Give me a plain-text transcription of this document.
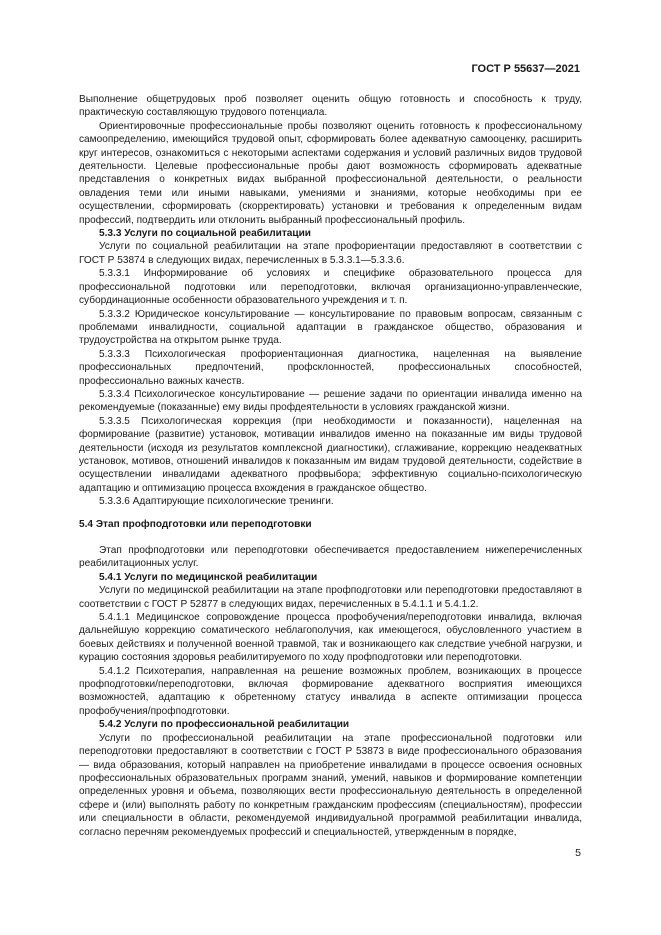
ГОСТ Р 55637—2021

Выполнение общетрудовых проб позволяет оценить общую готовность и способность к труду, практическую составляющую трудового потенциала.

Ориентировочные профессиональные пробы позволяют оценить готовность к профессиональному самоопределению, имеющийся трудовой опыт, сформировать более адекватную самооценку, расширить круг интересов, ознакомиться с некоторыми аспектами содержания и условий различных видов трудовой деятельности. Целевые профессиональные пробы дают возможность сформировать адекватные представления о конкретных видах выбранной профессиональной деятельности, о реальности овладения теми или иными навыками, умениями и знаниями, которые необходимы при ее осуществлении, сформировать (скорректировать) установки и требования к определенным видам профессий, подтвердить или отклонить выбранный профессиональный профиль.

5.3.3 Услуги по социальной реабилитации

Услуги по социальной реабилитации на этапе профориентации предоставляют в соответствии с ГОСТ Р 53874 в следующих видах, перечисленных в 5.3.3.1—5.3.3.6.

5.3.3.1 Информирование об условиях и специфике образовательного процесса для профессиональной подготовки или переподготовки, включая организационно-управленческие, субординационные особенности образовательного учреждения и т. п.

5.3.3.2 Юридическое консультирование — консультирование по правовым вопросам, связанным с проблемами инвалидности, социальной адаптации в гражданское общество, образования и трудоустройства на открытом рынке труда.

5.3.3.3 Психологическая профориентационная диагностика, нацеленная на выявление профессиональных предпочтений, профсклонностей, профессиональных способностей, профессионально важных качеств.

5.3.3.4 Психологическое консультирование — решение задачи по ориентации инвалида именно на рекомендуемые (показанные) ему виды профдеятельности в условиях гражданской жизни.

5.3.3.5 Психологическая коррекция (при необходимости и показанности), нацеленная на формирование (развитие) установок, мотивации инвалидов именно на показанные им виды трудовой деятельности (исходя из результатов комплексной диагностики), сглаживание, коррекцию неадекватных установок, мотивов, отношений инвалидов к показанным им видам трудовой деятельности, содействие в осуществлении инвалидами адекватного профвыбора; эффективную социально-психологическую адаптацию и оптимизацию процесса вхождения в гражданское общество.

5.3.3.6 Адаптирующие психологические тренинги.

5.4 Этап профподготовки или переподготовки

Этап профподготовки или переподготовки обеспечивается предоставлением нижеперечисленных реабилитационных услуг.

5.4.1 Услуги по медицинской реабилитации

Услуги по медицинской реабилитации на этапе профподготовки или переподготовки предоставляют в соответствии с ГОСТ Р 52877 в следующих видах, перечисленных в 5.4.1.1 и 5.4.1.2.

5.4.1.1 Медицинское сопровождение процесса профобучения/переподготовки инвалида, включая дальнейшую коррекцию соматического неблагополучия, как имеющегося, обусловленного участием в боевых действиях и полученной военной травмой, так и возникающего как следствие учебной нагрузки, и курацию состояния здоровья реабилитируемого по ходу профподготовки или переподготовки.

5.4.1.2 Психотерапия, направленная на решение возможных проблем, возникающих в процессе профподготовки/переподготовки, включая формирование адекватного восприятия имеющихся возможностей, адаптацию к обретенному статусу инвалида в аспекте оптимизации процесса профобучения/профподготовки.

5.4.2 Услуги по профессиональной реабилитации

Услуги по профессиональной реабилитации на этапе профессиональной подготовки или переподготовки предоставляют в соответствии с ГОСТ Р 53873 в виде профессионального образования — вида образования, который направлен на приобретение инвалидами в процессе освоения основных профессиональных образовательных программ знаний, умений, навыков и формирование компетенции определенных уровня и объема, позволяющих вести профессиональную деятельность в определенной сфере и (или) выполнять работу по конкретным гражданским профессиям (специальностям), профессии или специальности в области, рекомендуемой индивидуальной программой реабилитации инвалида, согласно перечням рекомендуемых профессий и специальностей, утвержденным в порядке,

5
